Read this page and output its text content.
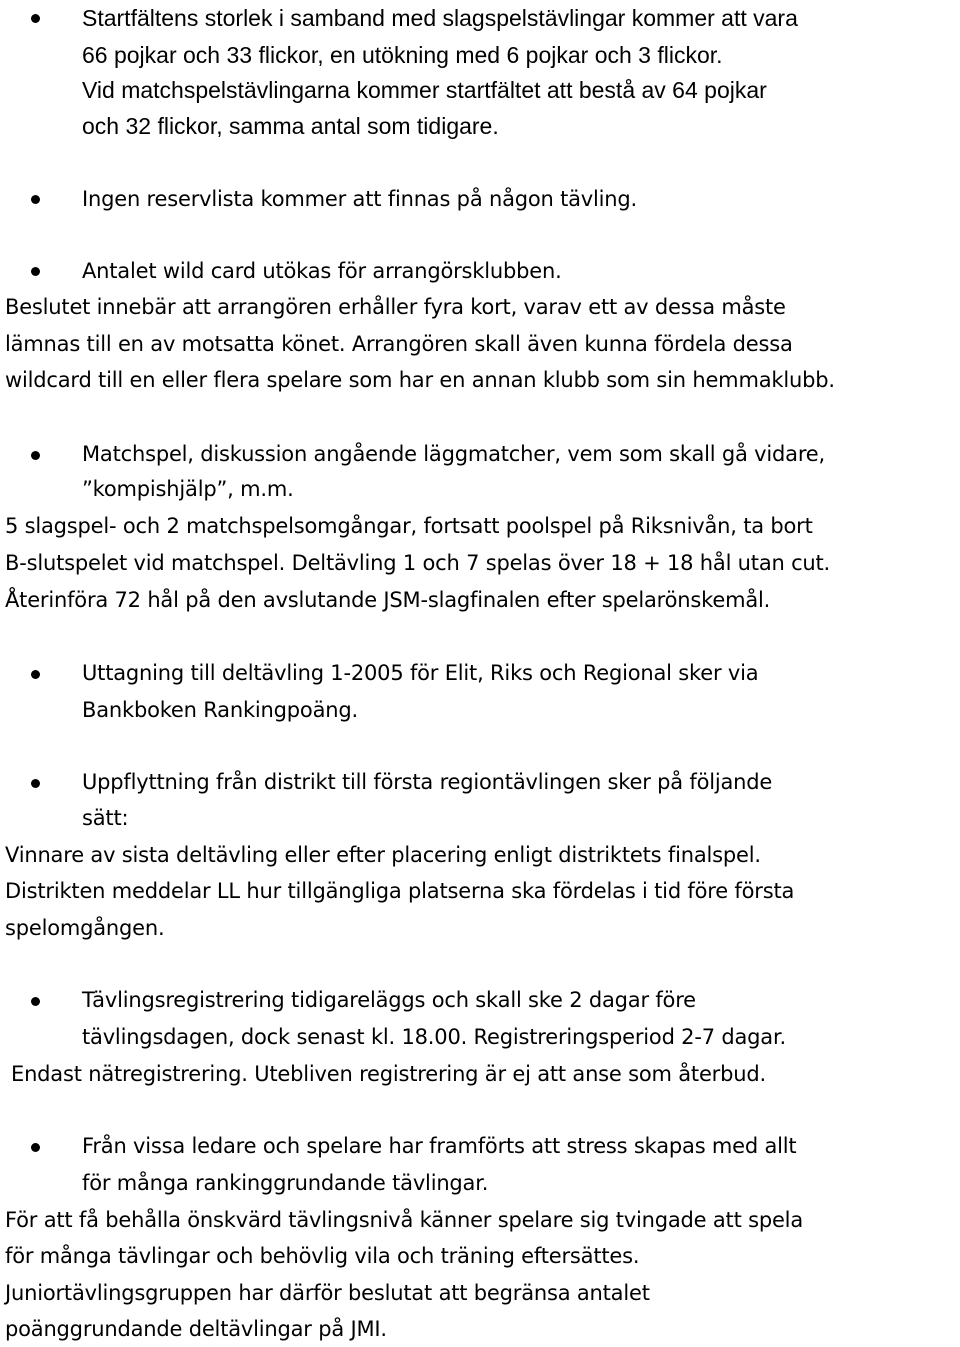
Startfältens storlek i samband med slagspelstävlingar kommer att vara
66 pojkar och 33 flickor, en utökning med 6 pojkar och 3 flickor.
Vid matchspelstävlingarna kommer startfältet att bestå av 64 pojkar
och 32 flickor, samma antal som tidigare.
Ingen reservlista kommer att finnas på någon tävling.
Antalet wild card utökas för arrangörsklubben.
Beslutet innebär att arrangören erhåller fyra kort, varav ett av dessa måste
lämnas till en av motsatta könet. Arrangören skall även kunna fördela dessa
wildcard till en eller flera spelare som har en annan klubb som sin hemmaklubb.
Matchspel, diskussion angående läggmatcher, vem som skall gå vidare,
”kompishjälp”, m.m.
5 slagspel- och 2 matchspelsomgångar, fortsatt poolspel på Riksnivån, ta bort
B-slutspelet vid matchspel. Deltävling 1 och 7 spelas över 18 + 18 hål utan cut.
Återinföra 72 hål på den avslutande JSM-slagfinalen efter spelarönskemål.
Uttagning till deltävling 1-2005 för Elit, Riks och Regional sker via
Bankboken Rankingpoäng.
Uppflyttning från distrikt till första regiontävlingen sker på följande
sätt:
Vinnare av sista deltävling eller efter placering enligt distriktets finalspel.
Distrikten meddelar LL hur tillgängliga platserna ska fördelas i tid före första
spelomgången.
Tävlingsregistrering tidigareläggs och skall ske 2 dagar före
tävlingsdagen, dock senast kl. 18.00. Registreringsperiod 2-7 dagar.
Endast nätregistrering. Utebliven registrering är ej att anse som återbud.
Från vissa ledare och spelare har framförts att stress skapas med allt
för många rankinggrundande tävlingar.
För att få behålla önskvärd tävlingsnivå känner spelare sig tvingade att spela
för många tävlingar och behövlig vila och träning eftersättes.
Juniortävlingsgruppen har därför beslutat att begränsa antalet
poänggrundande deltävlingar på JMI.
